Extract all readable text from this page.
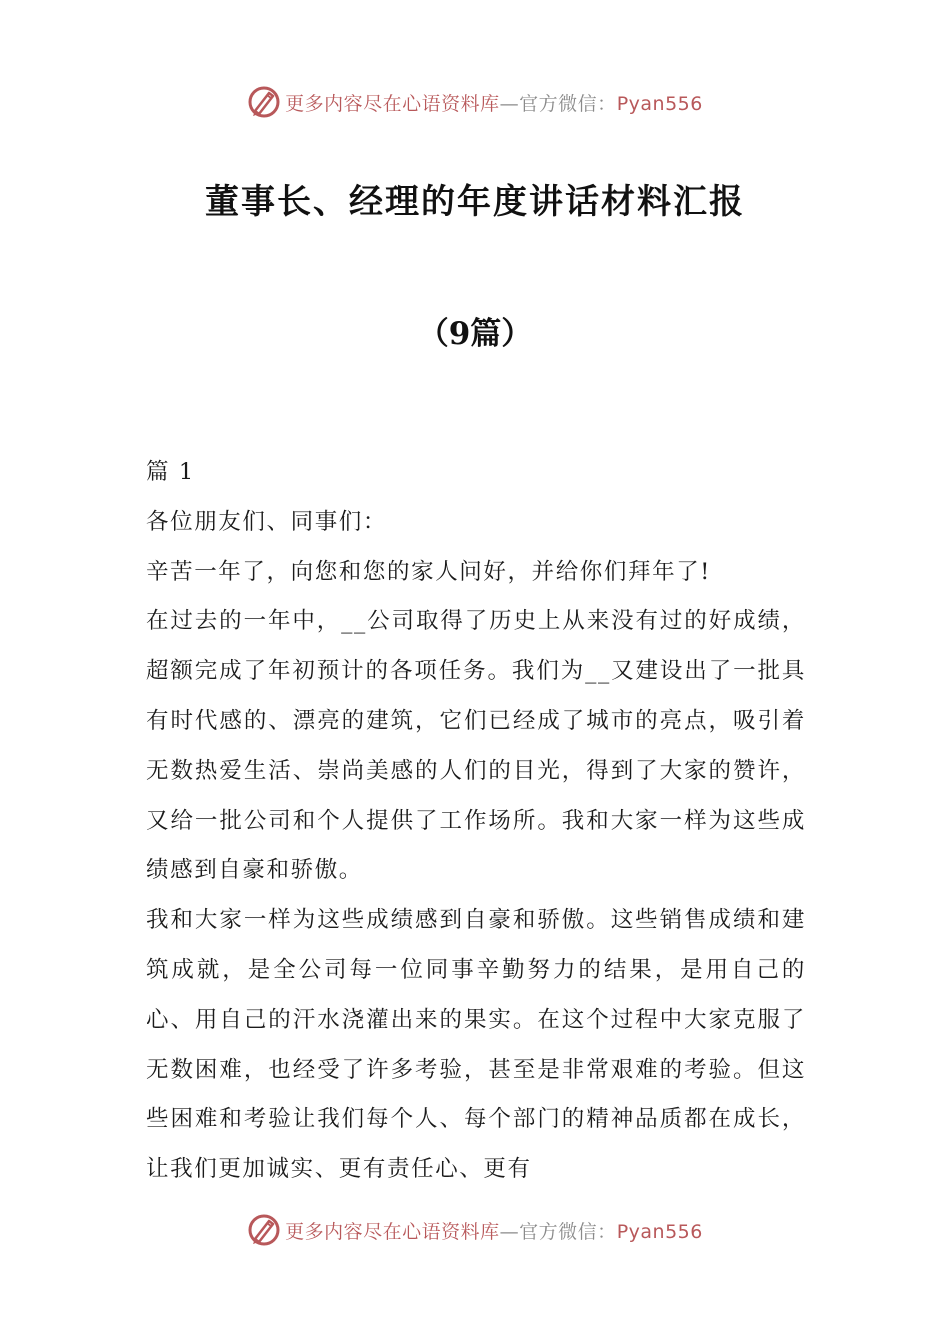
更多内容尽在心语资料库—官方微信：Pyan556
董事长、经理的年度讲话材料汇报
（9篇）

篇 1

各位朋友们、同事们：

辛苦一年了，向您和您的家人问好，并给你们拜年了!

在过去的一年中，__公司取得了历史上从来没有过的好成绩，超额完成了年初预计的各项任务。我们为__又建设出了一批具有时代感的、漂亮的建筑，它们已经成了城市的亮点，吸引着无数热爱生活、崇尚美感的人们的目光，得到了大家的赞许，又给一批公司和个人提供了工作场所。我和大家一样为这些成绩感到自豪和骄傲。

我和大家一样为这些成绩感到自豪和骄傲。这些销售成绩和建筑成就，是全公司每一位同事辛勤努力的结果，是用自己的心、用自己的汗水浇灌出来的果实。在这个过程中大家克服了无数困难，也经受了许多考验，甚至是非常艰难的考验。但这些困难和考验让我们每个人、每个部门的精神品质都在成长，让我们更加诚实、更有责任心、更有

更多内容尽在心语资料库—官方微信：Pyan556
